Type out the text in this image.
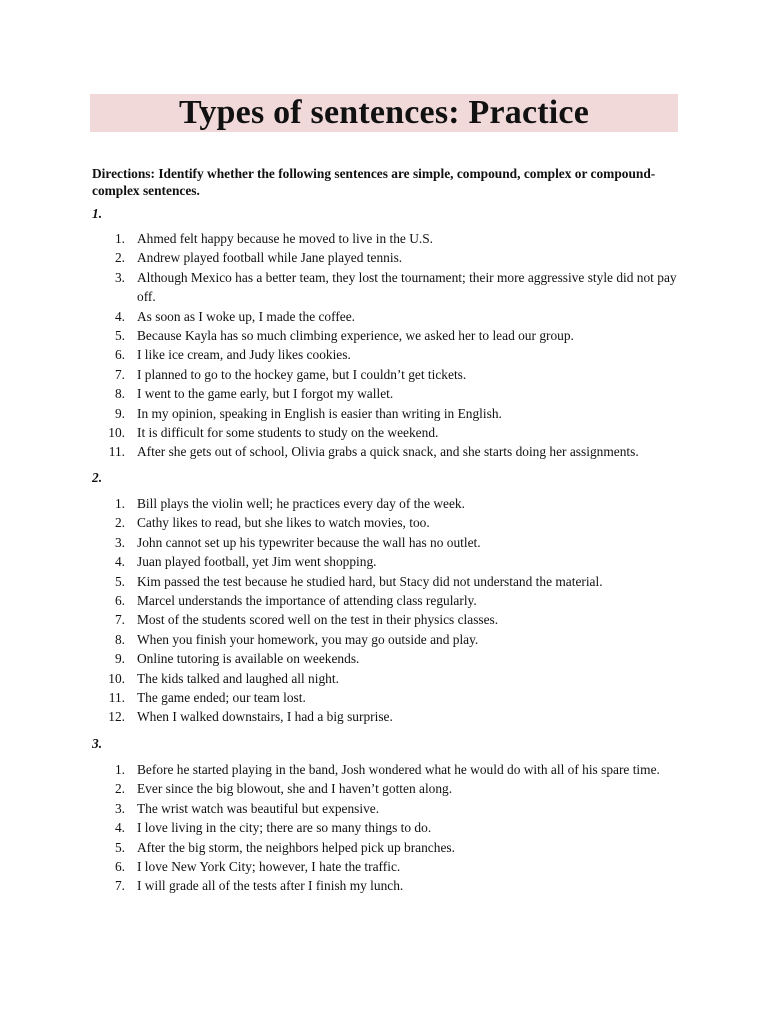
Types of sentences: Practice
Directions: Identify whether the following sentences are simple, compound, complex or compound-complex sentences.
1.
1. Ahmed felt happy because he moved to live in the U.S.
2. Andrew played football while Jane played tennis.
3. Although Mexico has a better team, they lost the tournament; their more aggressive style did not pay off.
4. As soon as I woke up, I made the coffee.
5. Because Kayla has so much climbing experience, we asked her to lead our group.
6. I like ice cream, and Judy likes cookies.
7. I planned to go to the hockey game, but I couldn’t get tickets.
8. I went to the game early, but I forgot my wallet.
9. In my opinion, speaking in English is easier than writing in English.
10. It is difficult for some students to study on the weekend.
11. After she gets out of school, Olivia grabs a quick snack, and she starts doing her assignments.
2.
1. Bill plays the violin well; he practices every day of the week.
2. Cathy likes to read, but she likes to watch movies, too.
3. John cannot set up his typewriter because the wall has no outlet.
4. Juan played football, yet Jim went shopping.
5. Kim passed the test because he studied hard, but Stacy did not understand the material.
6. Marcel understands the importance of attending class regularly.
7. Most of the students scored well on the test in their physics classes.
8. When you finish your homework, you may go outside and play.
9. Online tutoring is available on weekends.
10. The kids talked and laughed all night.
11. The game ended; our team lost.
12. When I walked downstairs, I had a big surprise.
3.
1. Before he started playing in the band, Josh wondered what he would do with all of his spare time.
2. Ever since the big blowout, she and I haven’t gotten along.
3. The wrist watch was beautiful but expensive.
4. I love living in the city; there are so many things to do.
5. After the big storm, the neighbors helped pick up branches.
6. I love New York City; however, I hate the traffic.
7. I will grade all of the tests after I finish my lunch.
